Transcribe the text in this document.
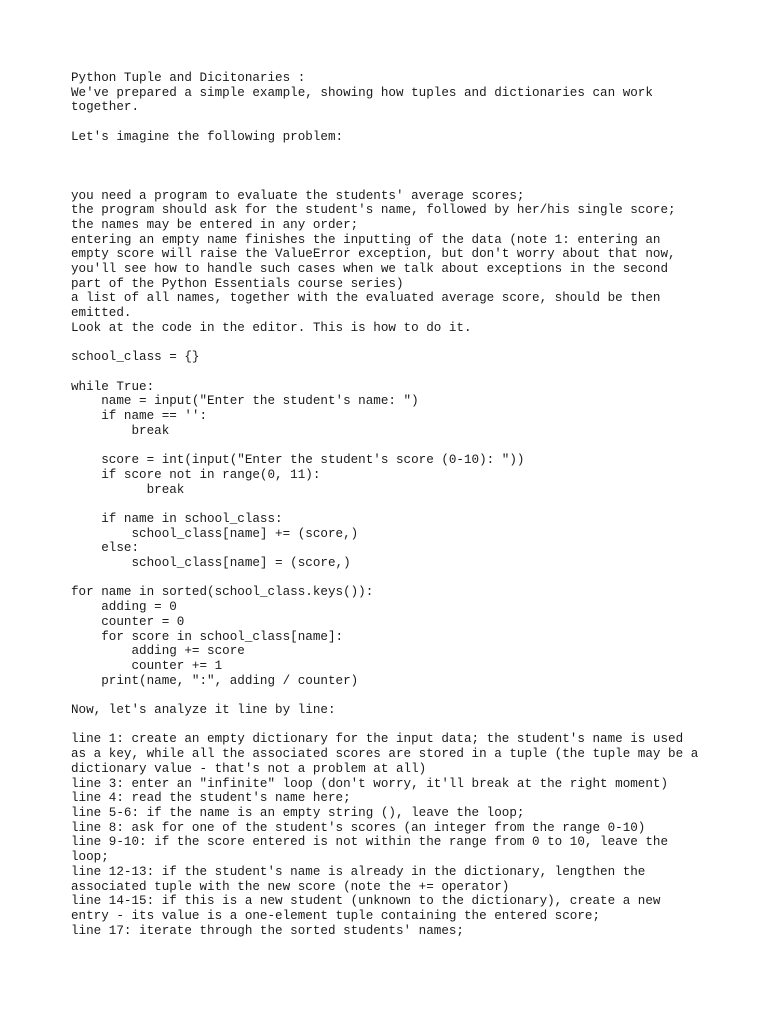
Python Tuple and Dicitonaries :
We've prepared a simple example, showing how tuples and dictionaries can work
together.
Let's imagine the following problem:
you need a program to evaluate the students' average scores;
the program should ask for the student's name, followed by her/his single score;
the names may be entered in any order;
entering an empty name finishes the inputting of the data (note 1: entering an
empty score will raise the ValueError exception, but don't worry about that now,
you'll see how to handle such cases when we talk about exceptions in the second
part of the Python Essentials course series)
a list of all names, together with the evaluated average score, should be then
emitted.
Look at the code in the editor. This is how to do it.
school_class = {}
while True:
name = input("Enter the student's name: ")
if name == '':
break
score = int(input("Enter the student's score (0-10): "))
if score not in range(0, 11):
break
if name in school_class:
school_class[name] += (score,)
else:
school_class[name] = (score,)
for name in sorted(school_class.keys()):
adding = 0
counter = 0
for score in school_class[name]:
adding += score
counter += 1
print(name, ":", adding / counter)
Now, let's analyze it line by line:
line 1: create an empty dictionary for the input data; the student's name is used
as a key, while all the associated scores are stored in a tuple (the tuple may be a
dictionary value - that's not a problem at all)
line 3: enter an "infinite" loop (don't worry, it'll break at the right moment)
line 4: read the student's name here;
line 5-6: if the name is an empty string (), leave the loop;
line 8: ask for one of the student's scores (an integer from the range 0-10)
line 9-10: if the score entered is not within the range from 0 to 10, leave the
loop;
line 12-13: if the student's name is already in the dictionary, lengthen the
associated tuple with the new score (note the += operator)
line 14-15: if this is a new student (unknown to the dictionary), create a new
entry - its value is a one-element tuple containing the entered score;
line 17: iterate through the sorted students' names;
